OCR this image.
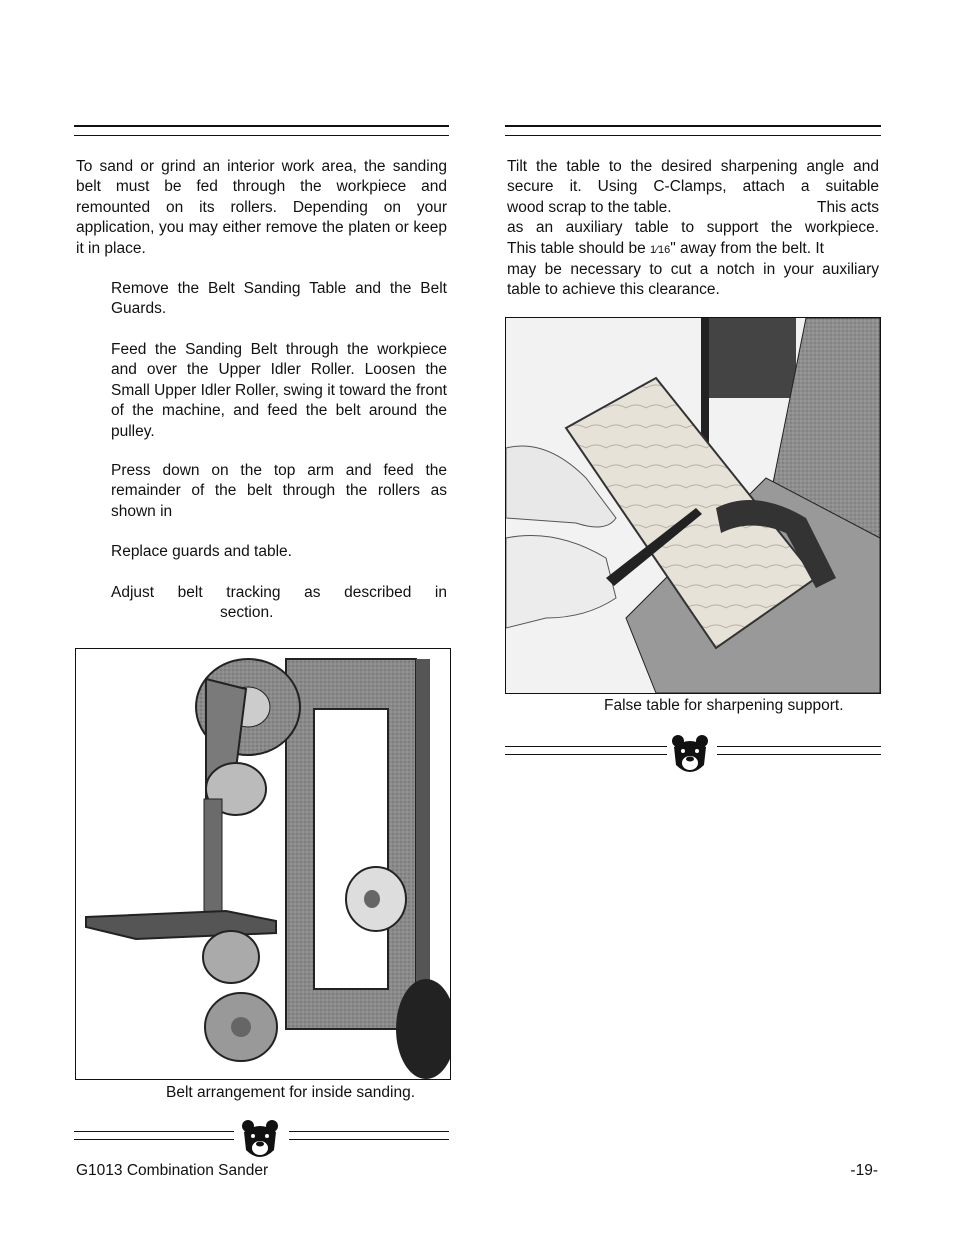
To sand or grind an interior work area, the sanding belt must be fed through the workpiece and remounted on its rollers. Depending on your application, you may either remove the platen or keep it in place.
Remove the Belt Sanding Table and the Belt Guards.
Feed the Sanding Belt through the workpiece and over the Upper Idler Roller. Loosen the Small Upper Idler Roller, swing it toward the front of the machine, and feed the belt around the pulley.
Press down on the top arm and feed the remainder of the belt through the rollers as shown in
Replace guards and table.
Adjust belt tracking as described in
section.
Belt arrangement for inside sanding.
Tilt the table to the desired sharpening angle and
secure it. Using C-Clamps, attach a suitable
wood scrap to the table.	This acts
as an auxiliary table to support the workpiece.
This table should be 1⁄16" away from the belt. It
may be necessary to cut a notch in your auxiliary
table to achieve this clearance.
False table for sharpening support.
G1013 Combination Sander	-19-
